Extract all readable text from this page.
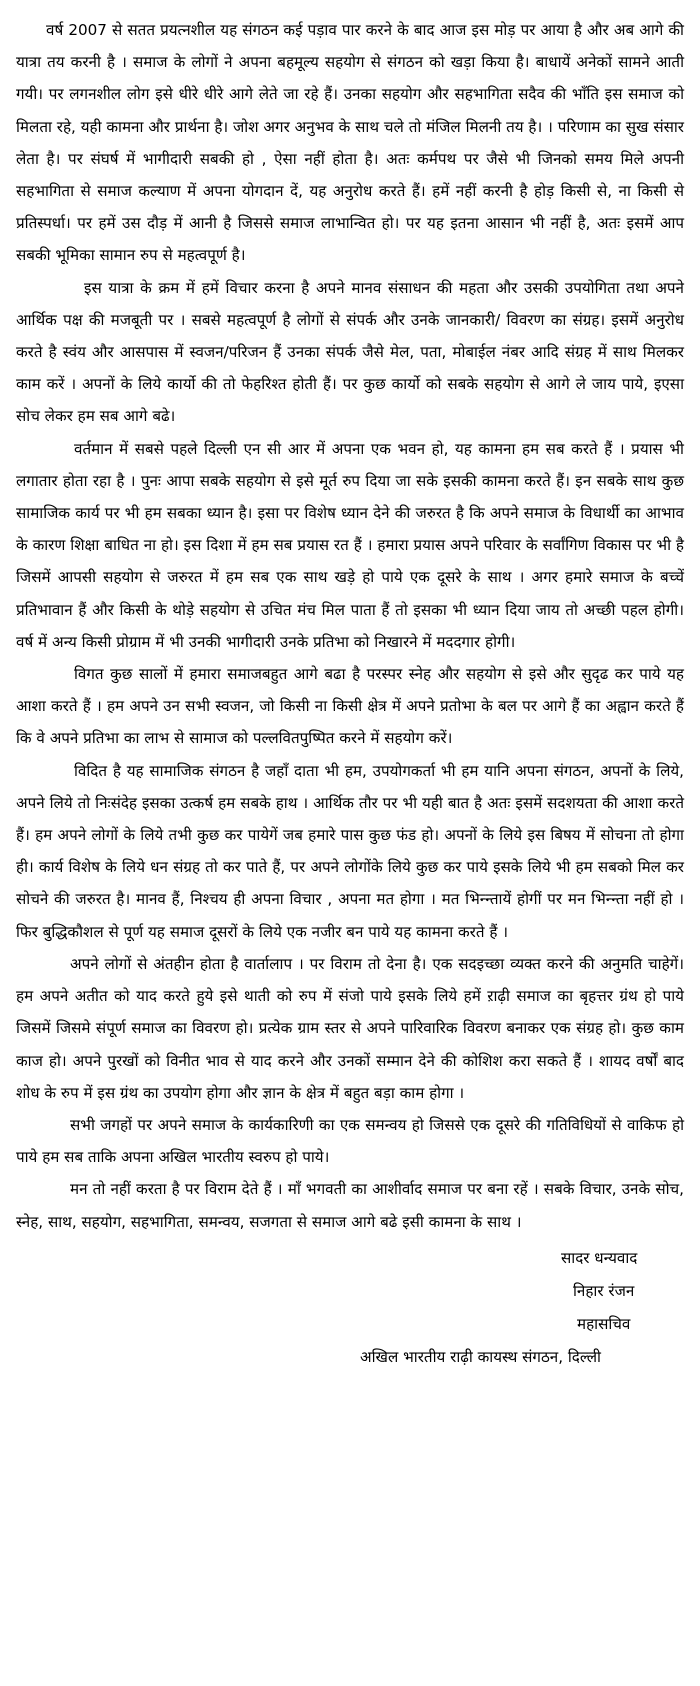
वर्ष 2007 से सतत प्रयत्नशील यह संगठन कई पड़ाव पार करने के बाद आज इस मोड़ पर आया है और अब आगे की यात्रा तय करनी है । समाज के लोगों ने अपना बहमूल्य सहयोग से संगठन को खड़ा किया है। बाधायें अनेकों सामने आती गयी। पर लगनशील लोग इसे धीरे धीरे आगे लेते जा रहे हैं। उनका सहयोग और सहभागिता सदैव की भाँति इस समाज को मिलता रहे, यही कामना और प्रार्थना है। जोश अगर अनुभव के साथ चले तो मंजिल मिलनी तय है। । परिणाम का सुख संसार लेता है। पर संघर्ष में भागीदारी सबकी हो , ऐसा नहीं होता है। अतः कर्मपथ पर जैसे भी जिनको समय मिले अपनी सहभागिता से समाज कल्याण में अपना योगदान दें, यह अनुरोध करते हैं। हमें नहीं करनी है होड़ किसी से, ना किसी से प्रतिस्पर्धा। पर हमें उस दौड़ में आनी है जिससे समाज लाभान्वित हो। पर यह इतना आसान भी नहीं है, अतः इसमें आप सबकी भूमिका सामान रुप से महत्वपूर्ण है।

इस यात्रा के क्रम में हमें विचार करना है अपने मानव संसाधन की महता और उसकी उपयोगिता तथा अपने आर्थिक पक्ष की मजबूती पर । सबसे महत्वपूर्ण है लोगों से संपर्क और उनके जानकारी/ विवरण का संग्रह। इसमें अनुरोध करते है स्वंय और आसपास में स्वजन/परिजन हैं उनका संपर्क जैसे मेल, पता, मोबाईल नंबर आदि संग्रह में साथ मिलकर काम करें । अपनों के लिये कार्यो की तो फेहरिश्त होती हैं। पर कुछ कार्यो को सबके सहयोग से आगे ले जाय पाये, इएसा सोच लेकर हम सब आगे बढे।

वर्तमान में सबसे पहले दिल्ली एन सी आर में अपना एक भवन हो, यह कामना हम सब करते हैं । प्रयास भी लगातार होता रहा है । पुनः आपा सबके सहयोग से इसे मूर्त रुप दिया जा सके इसकी कामना करते हैं। इन सबके साथ कुछ सामाजिक कार्य पर भी हम सबका ध्यान है। इसा पर विशेष ध्यान देने की जरुरत है कि अपने समाज के विधार्थी का आभाव के कारण शिक्षा बाधित ना हो। इस दिशा में हम सब प्रयास रत हैं । हमारा प्रयास अपने परिवार के सर्वांगिण विकास पर भी है जिसमें आपसी सहयोग से जरुरत में हम सब एक साथ खड़े हो पाये एक दूसरे के साथ । अगर हमारे समाज के बच्चें प्रतिभावान हैं और किसी के थोड़े सहयोग से उचित मंच मिल पाता हैं तो इसका भी ध्यान दिया जाय तो अच्छी पहल होगी। वर्ष में अन्य किसी प्रोग्राम में भी उनकी भागीदारी उनके प्रतिभा को निखारने में मददगार होगी।

विगत कुछ सालों में हमारा समाजबहुत आगे बढा है परस्पर स्नेह और सहयोग से इसे और सुदृढ कर पाये यह आशा करते हैं । हम अपने उन सभी स्वजन, जो किसी ना किसी क्षेत्र में अपने प्रतोभा के बल पर आगे हैं का अह्वान करते हैं कि वे अपने प्रतिभा का लाभ से सामाज को पल्लवितपुष्पित करने में सहयोग करें।

विदित है यह सामाजिक संगठन है जहाँ दाता भी हम, उपयोगकर्ता भी हम यानि अपना संगठन, अपनों के लिये, अपने लिये तो निःसंदेह इसका उत्कर्ष हम सबके हाथ । आर्थिक तौर पर भी यही बात है अतः इसमें सदशयता की आशा करते हैं। हम अपने लोगों के लिये तभी कुछ कर पायेगें जब हमारे पास कुछ फंड हो। अपनों के लिये इस बिषय में सोचना तो होगा ही। कार्य विशेष के लिये धन संग्रह तो कर पाते हैं, पर अपने लोगोंके लिये कुछ कर पाये इसके लिये भी हम सबको मिल कर सोचने की जरुरत है। मानव हैं, निश्चय ही अपना विचार , अपना मत होगा । मत भिन्न्तायें होगीं पर मन भिन्न्ता नहीं हो । फिर बुद्धिकौशल से पूर्ण यह समाज दूसरों के लिये एक नजीर बन पाये यह कामना करते हैं ।

अपने लोगों से अंतहीन होता है वार्तालाप । पर विराम तो देना है। एक सदइच्छा व्यक्त करने की अनुमति चाहेगें। हम अपने अतीत को याद करते हुये इसे थाती को रुप में संजो पाये इसके लिये हमें ऱाढ़ी समाज का बृहत्तर ग्रंथ हो पाये जिसमें जिसमे संपूर्ण समाज का विवरण हो। प्रत्येक ग्राम स्तर से अपने पारिवारिक विवरण बनाकर एक संग्रह हो। कुछ काम काज हो। अपने पुरखों को विनीत भाव से याद करने और उनकों सम्मान देने की कोशिश करा सकते हैं । शायद वर्षों बाद शोध के रुप में इस ग्रंथ का उपयोग होगा और ज्ञान के क्षेत्र में बहुत बड़ा काम होगा ।

सभी जगहों पर अपने समाज के कार्यकारिणी का एक समन्वय हो जिससे एक दूसरे की गतिविधियों से वाकिफ हो पाये हम सब ताकि अपना अखिल भारतीय स्वरुप हो पाये।

मन तो नहीं करता है पर विराम देते हैं । माँ भगवती का आशीर्वाद समाज पर बना रहें । सबके विचार, उनके सोच, स्नेह, साथ, सहयोग, सहभागिता, समन्वय, सजगता से समाज आगे बढे इसी कामना के साथ ।

सादर धन्यवाद
निहार रंजन
महासचिव
अखिल भारतीय राढ़ी कायस्थ संगठन, दिल्ली
